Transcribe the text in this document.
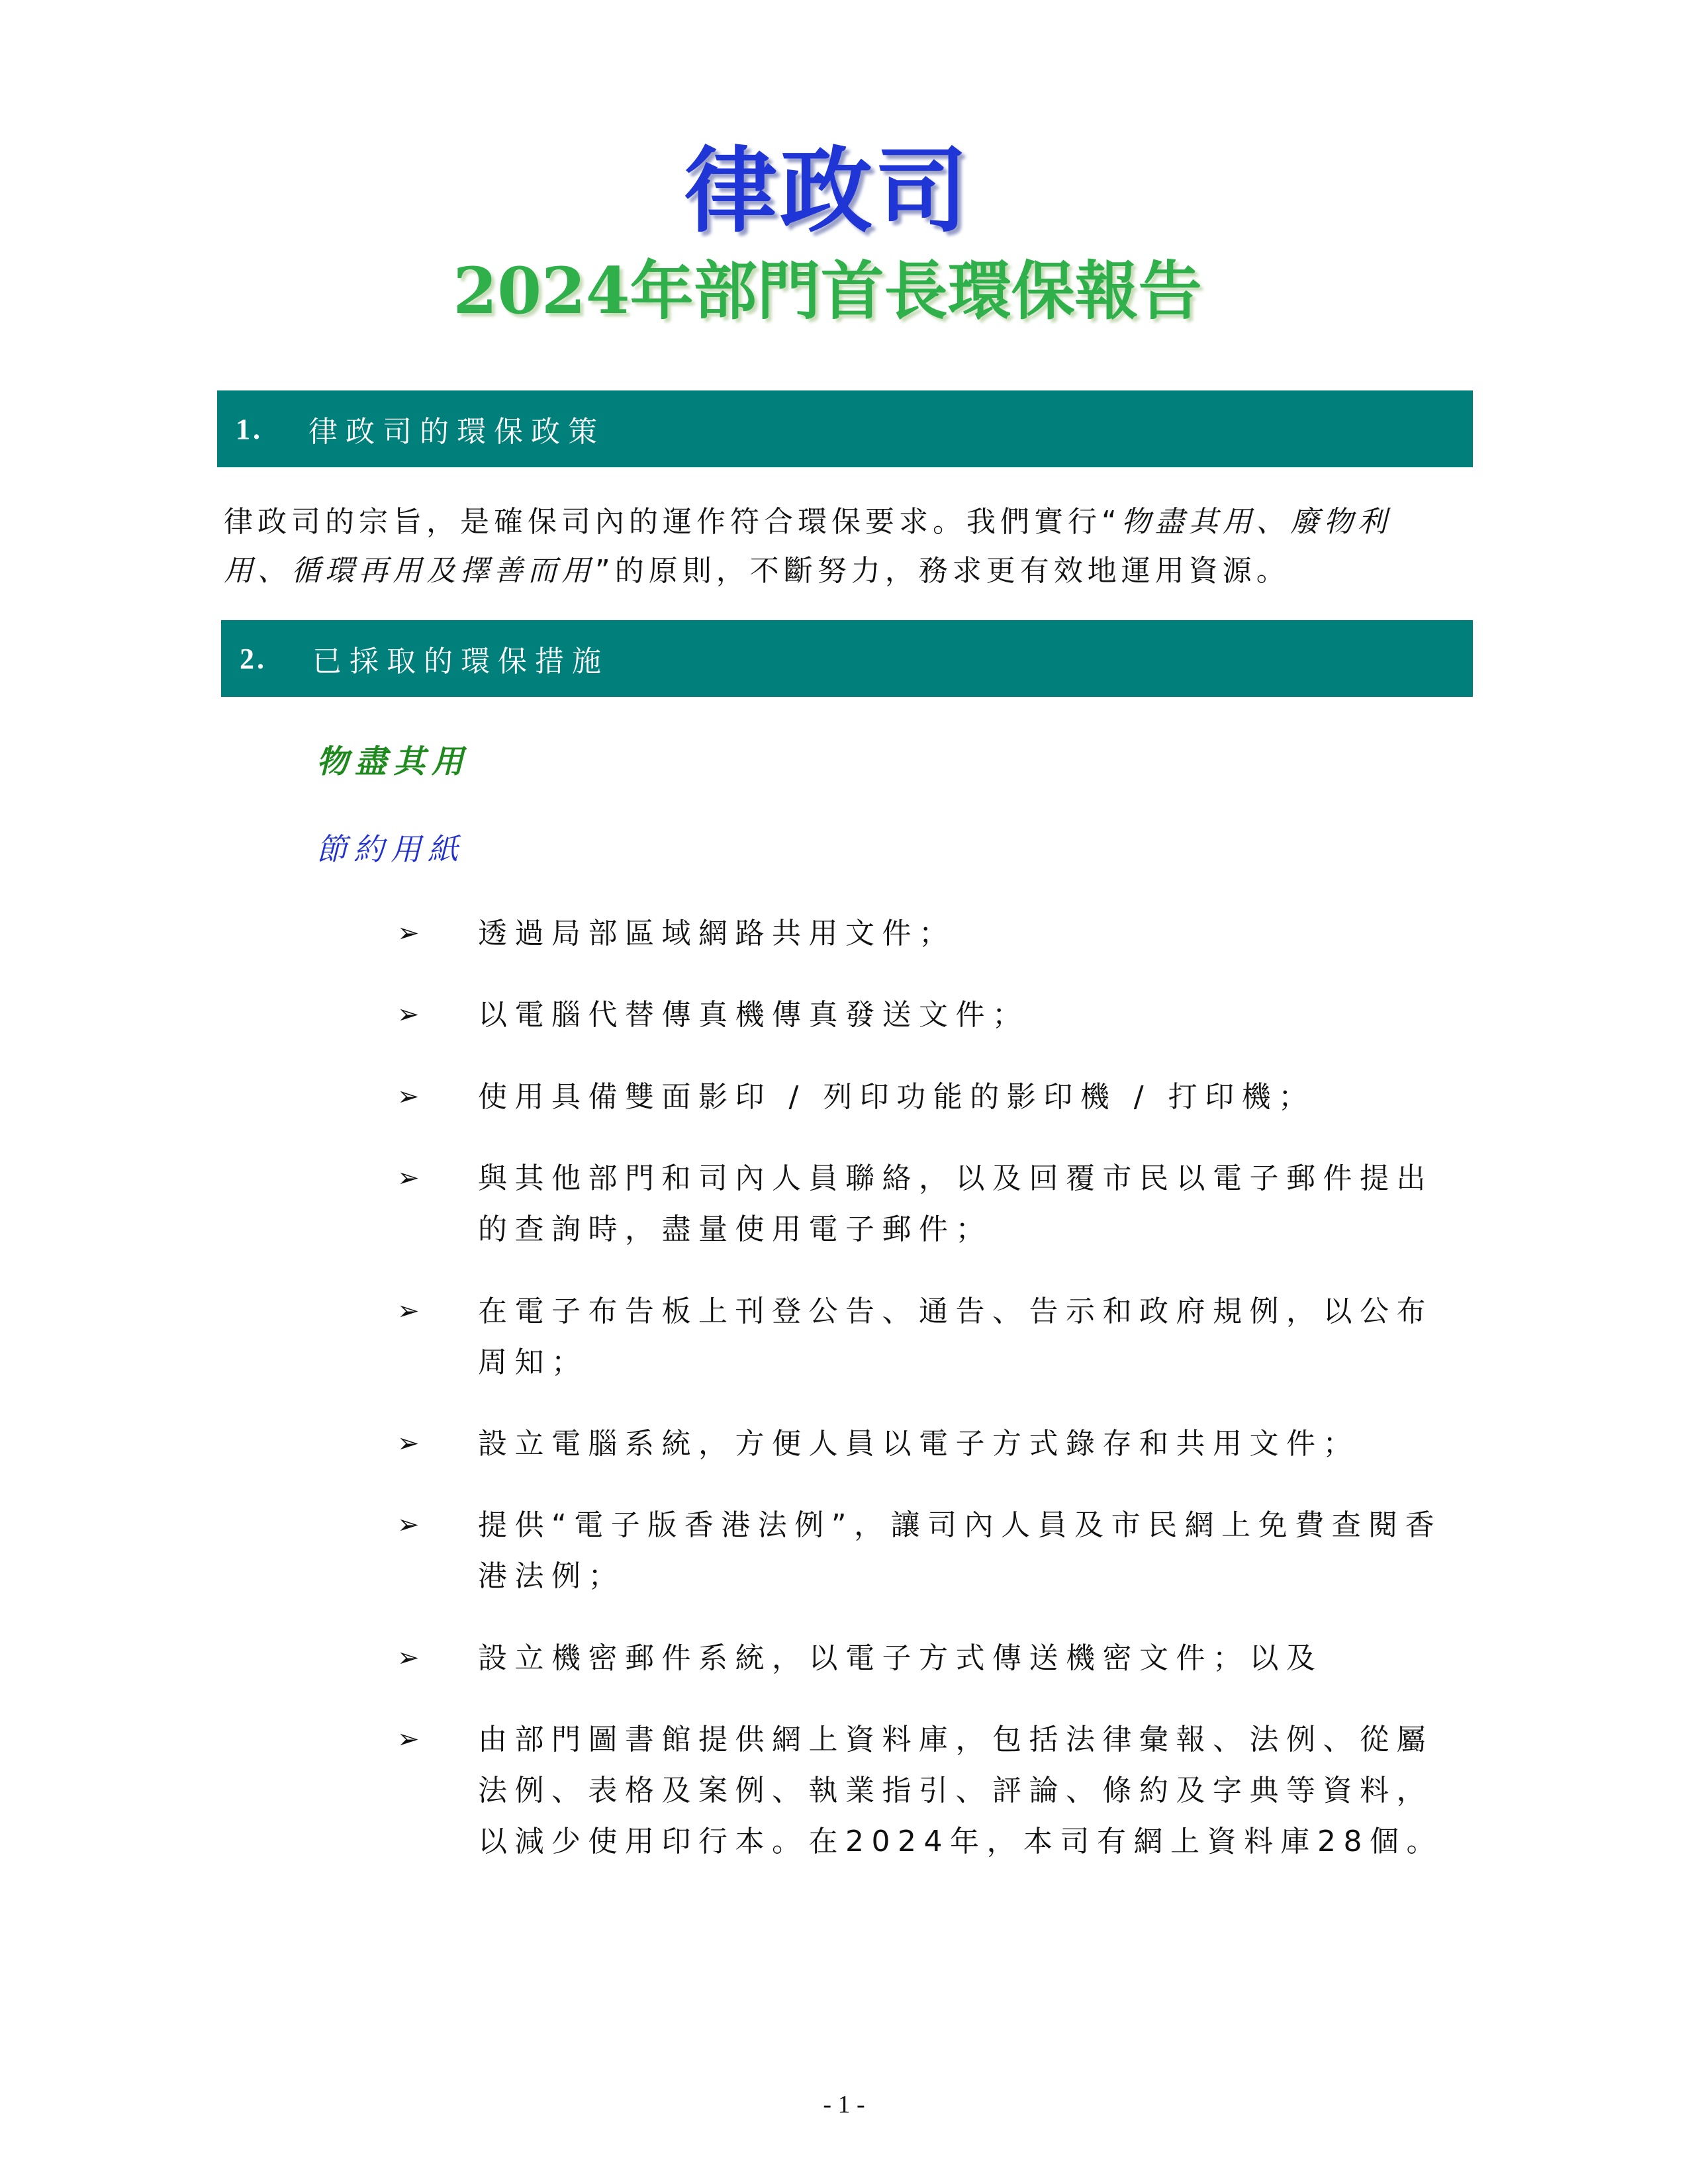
律政司
2024年部門首長環保報告
1.	律政司的環保政策
律政司的宗旨，是確保司內的運作符合環保要求。我們實行“物盡其用、廢物利
用、循環再用及擇善而用”的原則，不斷努力，務求更有效地運用資源。
2.	已採取的環保措施
物盡其用
節約用紙
➢ 透過局部區域網路共用文件；
➢ 以電腦代替傳真機傳真發送文件；
➢ 使用具備雙面影印 / 列印功能的影印機 / 打印機；
➢ 與其他部門和司內人員聯絡，以及回覆市民以電子郵件提出
的查詢時，盡量使用電子郵件；
➢ 在電子布告板上刊登公告、通告、告示和政府規例，以公布
周知；
➢ 設立電腦系統，方便人員以電子方式錄存和共用文件；
➢ 提供“電子版香港法例”，讓司內人員及市民網上免費查閱香
港法例；
➢ 設立機密郵件系統，以電子方式傳送機密文件；以及
➢ 由部門圖書館提供網上資料庫，包括法律彙報、法例、從屬
法例、表格及案例、執業指引、評論、條約及字典等資料，
以減少使用印行本。在2024年，本司有網上資料庫28個。
- 1 -
